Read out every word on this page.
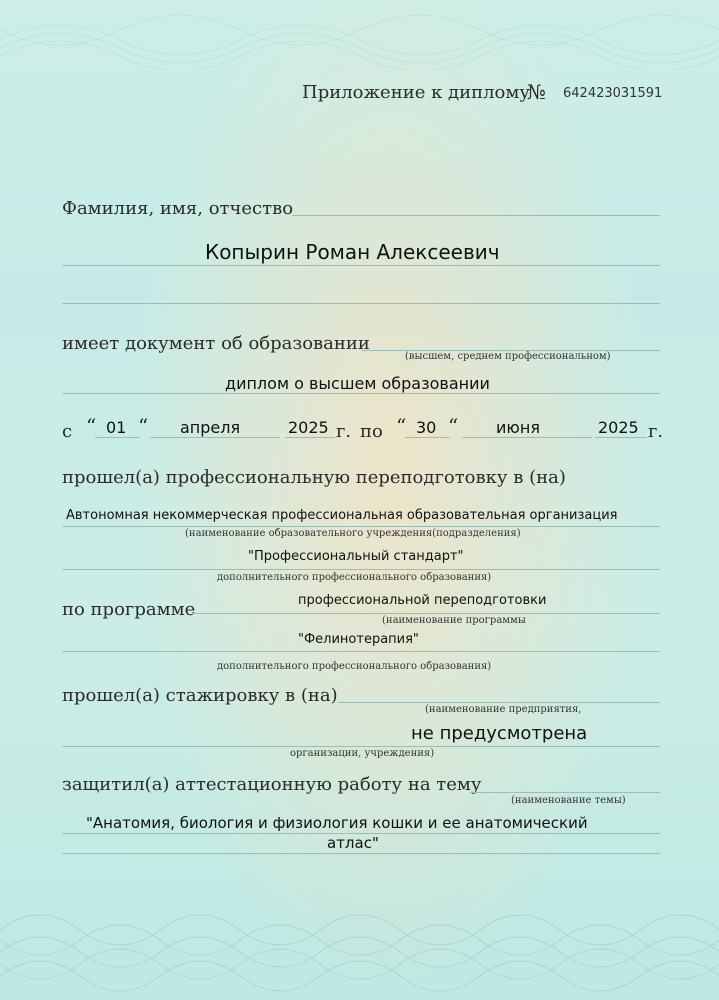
Приложение к диплому
№ 642423031591
Фамилия, имя, отчество
Копырин Роман Алексеевич
имеет документ об образовании
(высшем, среднем профессиональном)
диплом о высшем образовании
с “ 01 “ апреля	2025 г. по “ 30 “ июня	2025 г.
прошел(а) профессиональную переподготовку в (на)
Автономная некоммерческая профессиональная образовательная организация
(наименование образовательного учреждения(подразделения)
"Профессиональный стандарт"
дополнительного профессионального образования)
по программе	профессиональной переподготовки
(наименование программы
"Фелинотерапия"
дополнительного профессионального образования)
прошел(а) стажировку в (на)
(наименование предприятия,
не предусмотрена
организации, учреждения)
защитил(а) аттестационную работу на тему
(наименование темы)
"Анатомия, биология и физиология кошки и ее анатомический
атлас"
